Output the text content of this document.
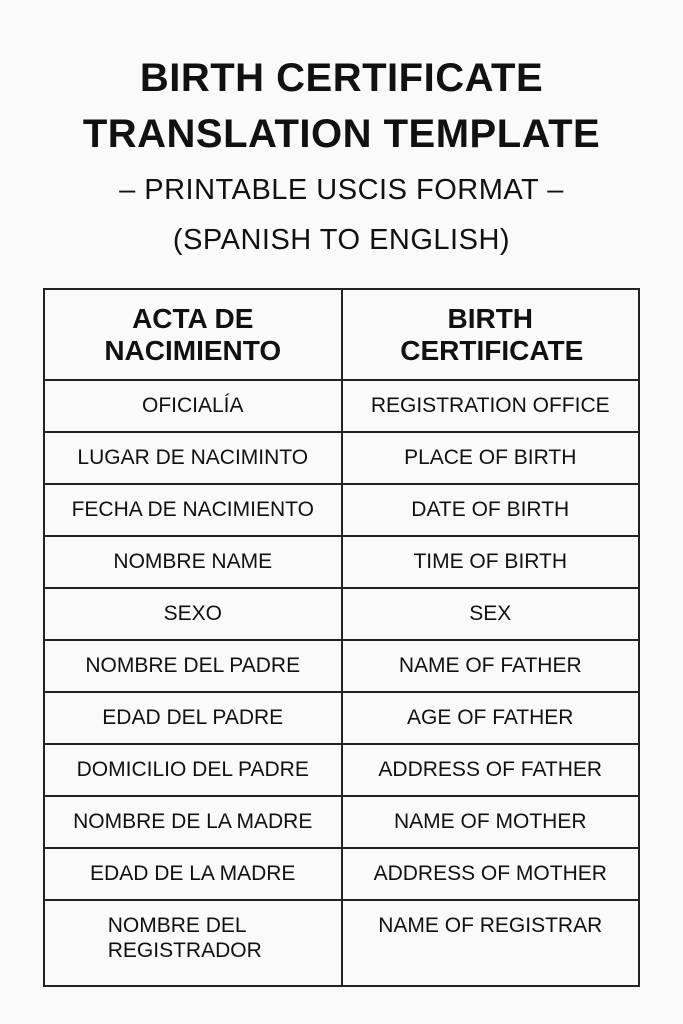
BIRTH CERTIFICATE
TRANSLATION TEMPLATE
– PRINTABLE USCIS FORMAT –
(SPANISH TO ENGLISH)
ACTA DE NACIMIENTO	BIRTH CERTIFICATE

OFICIALÍA	REGISTRATION OFFICE

LUGAR DE NACIMINTO	PLACE OF BIRTH

FECHA DE NACIMIENTO	DATE OF BIRTH

NOMBRE NAME	TIME OF BIRTH

SEXO	SEX

NOMBRE DEL PADRE	NAME OF FATHER

EDAD DEL PADRE	AGE OF FATHER

DOMICILIO DEL PADRE	ADDRESS OF FATHER

NOMBRE DE LA MADRE	NAME OF MOTHER

EDAD DE LA MADRE	ADDRESS OF MOTHER

NOMBRE DEL REGISTRADOR	NAME OF REGISTRAR
